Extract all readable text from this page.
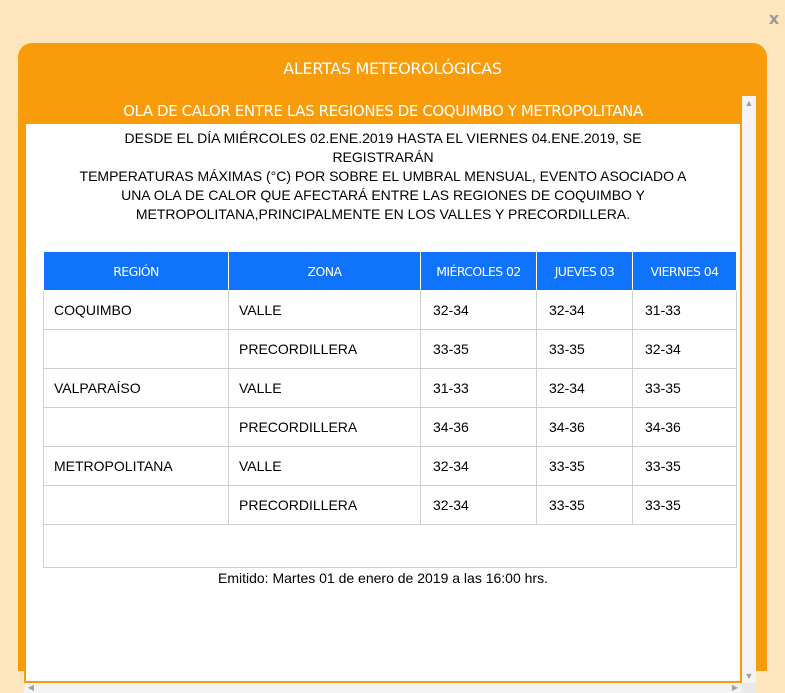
x
ALERTAS METEOROLÓGICAS
OLA DE CALOR ENTRE LAS REGIONES DE COQUIMBO Y METROPOLITANA
DESDE EL DÍA MIÉRCOLES 02.ENE.2019 HASTA EL VIERNES 04.ENE.2019, SE
REGISTRARÁN
TEMPERATURAS MÁXIMAS (°C) POR SOBRE EL UMBRAL MENSUAL, EVENTO ASOCIADO A
UNA OLA DE CALOR QUE AFECTARÁ ENTRE LAS REGIONES DE COQUIMBO Y
METROPOLITANA,PRINCIPALMENTE EN LOS VALLES Y PRECORDILLERA.
REGIÓN	ZONA	MIÉRCOLES 02	JUEVES 03	VIERNES 04
COQUIMBO	VALLE	32-34	32-34	31-33
	PRECORDILLERA	33-35	33-35	32-34
VALPARAÍSO	VALLE	31-33	32-34	33-35
	PRECORDILLERA	34-36	34-36	34-36
METROPOLITANA	VALLE	32-34	33-35	33-35
	PRECORDILLERA	32-34	33-35	33-35

Emitido: Martes 01 de enero de 2019 a las 16:00 hrs.
▲
▼
◀	▶
